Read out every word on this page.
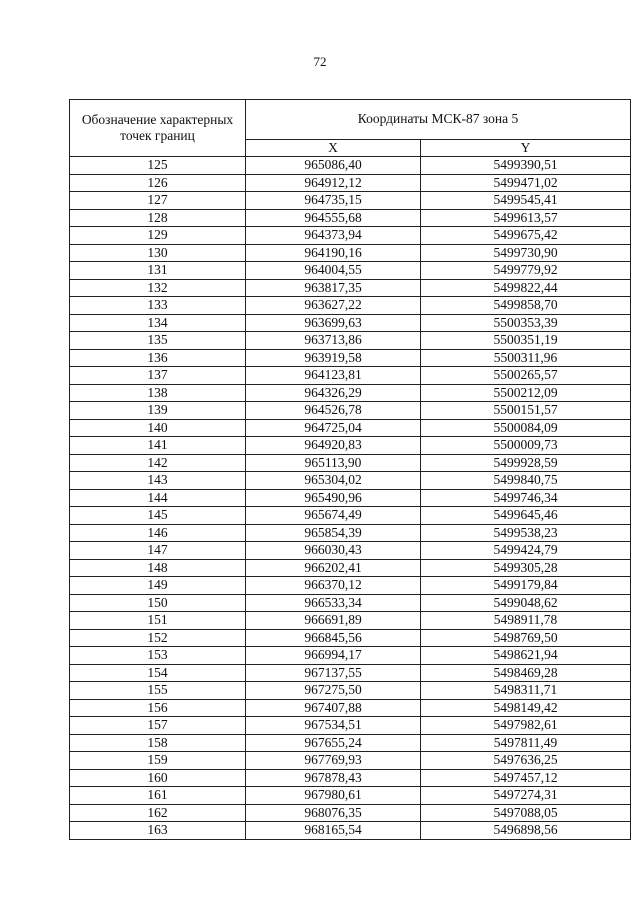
72
Обозначение характерных точек границ	Координаты МСК-87 зона 5	
	X	Y
125	965086,40	5499390,51
126	964912,12	5499471,02
127	964735,15	5499545,41
128	964555,68	5499613,57
129	964373,94	5499675,42
130	964190,16	5499730,90
131	964004,55	5499779,92
132	963817,35	5499822,44
133	963627,22	5499858,70
134	963699,63	5500353,39
135	963713,86	5500351,19
136	963919,58	5500311,96
137	964123,81	5500265,57
138	964326,29	5500212,09
139	964526,78	5500151,57
140	964725,04	5500084,09
141	964920,83	5500009,73
142	965113,90	5499928,59
143	965304,02	5499840,75
144	965490,96	5499746,34
145	965674,49	5499645,46
146	965854,39	5499538,23
147	966030,43	5499424,79
148	966202,41	5499305,28
149	966370,12	5499179,84
150	966533,34	5499048,62
151	966691,89	5498911,78
152	966845,56	5498769,50
153	966994,17	5498621,94
154	967137,55	5498469,28
155	967275,50	5498311,71
156	967407,88	5498149,42
157	967534,51	5497982,61
158	967655,24	5497811,49
159	967769,93	5497636,25
160	967878,43	5497457,12
161	967980,61	5497274,31
162	968076,35	5497088,05
163	968165,54	5496898,56
